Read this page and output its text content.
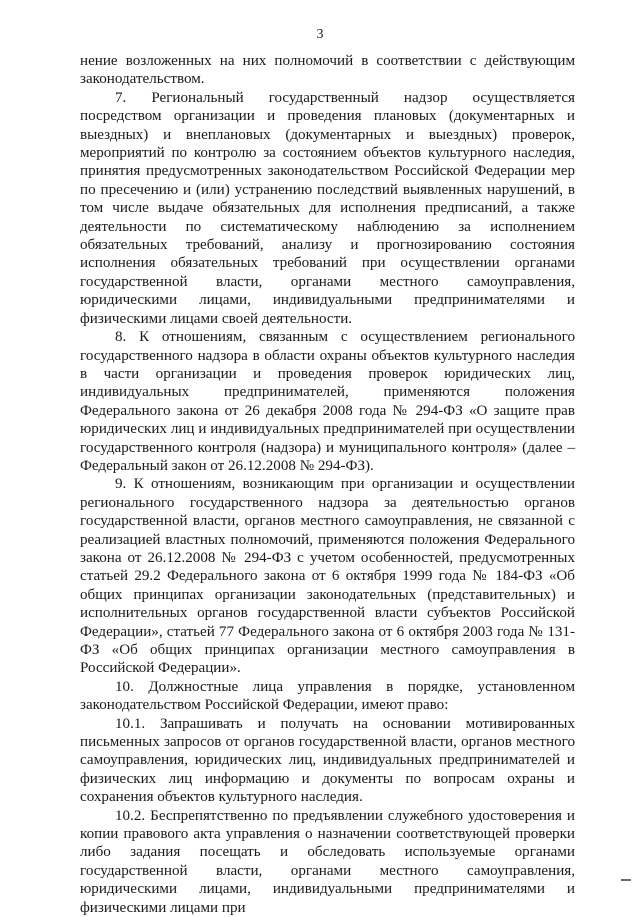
3

нение возложенных на них полномочий в соответствии с действующим законодательством.

7. Региональный государственный надзор осуществляется посредством организации и проведения плановых (документарных и выездных) и внеплановых (документарных и выездных) проверок, мероприятий по контролю за состоянием объектов культурного наследия, принятия предусмотренных законодательством Российской Федерации мер по пресечению и (или) устранению последствий выявленных нарушений, в том числе выдаче обязательных для исполнения предписаний, а также деятельности по систематическому наблюдению за исполнением обязательных требований, анализу и прогнозированию состояния исполнения обязательных требований при осуществлении органами государственной власти, органами местного самоуправления, юридическими лицами, индивидуальными предпринимателями и физическими лицами своей деятельности.

8. К отношениям, связанным с осуществлением регионального государственного надзора в области охраны объектов культурного наследия в части организации и проведения проверок юридических лиц, индивидуальных предпринимателей, применяются положения Федерального закона от 26 декабря 2008 года № 294-ФЗ «О защите прав юридических лиц и индивидуальных предпринимателей при осуществлении государственного контроля (надзора) и муниципального контроля» (далее – Федеральный закон от 26.12.2008 № 294-ФЗ).

9. К отношениям, возникающим при организации и осуществлении регионального государственного надзора за деятельностью органов государственной власти, органов местного самоуправления, не связанной с реализацией властных полномочий, применяются положения Федерального закона от 26.12.2008 № 294-ФЗ с учетом особенностей, предусмотренных статьей 29.2 Федерального закона от 6 октября 1999 года № 184-ФЗ «Об общих принципах организации законодательных (представительных) и исполнительных органов государственной власти субъектов Российской Федерации», статьей 77 Федерального закона от 6 октября 2003 года № 131-ФЗ «Об общих принципах организации местного самоуправления в Российской Федерации».

10. Должностные лица управления в порядке, установленном законодательством Российской Федерации, имеют право:

10.1. Запрашивать и получать на основании мотивированных письменных запросов от органов государственной власти, органов местного самоуправления, юридических лиц, индивидуальных предпринимателей и физических лиц информацию и документы по вопросам охраны и сохранения объектов культурного наследия.

10.2. Беспрепятственно по предъявлении служебного удостоверения и копии правового акта управления о назначении соответствующей проверки либо задания посещать и обследовать используемые органами государственной власти, органами местного самоуправления, юридическими лицами, индивидуальными предпринимателями и физическими лицами при
